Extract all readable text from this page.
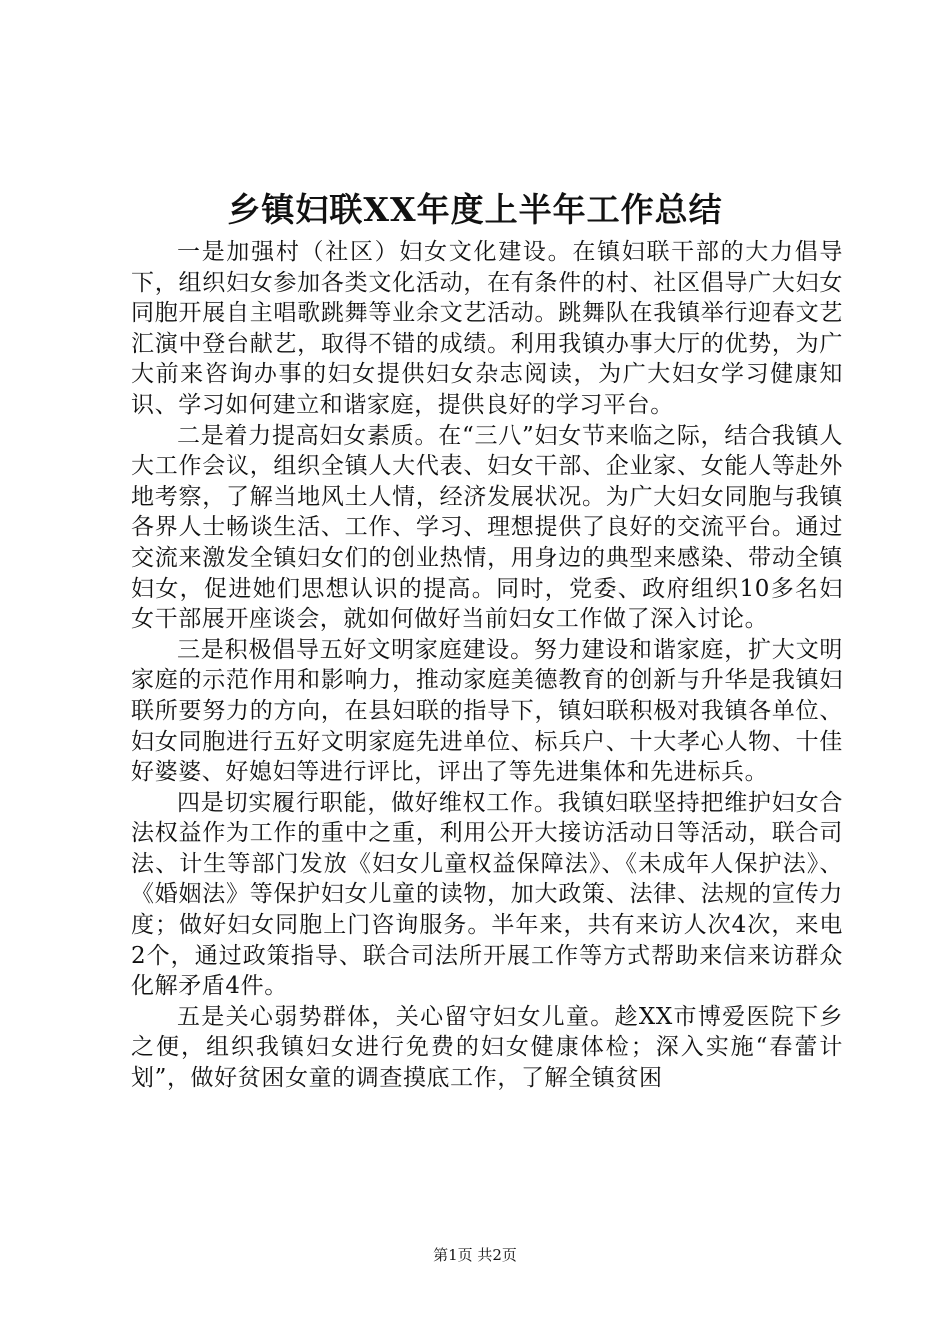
乡镇妇联XX年度上半年工作总结

一是加强村（社区）妇女文化建设。在镇妇联干部的大力倡导下，组织妇女参加各类文化活动，在有条件的村、社区倡导广大妇女同胞开展自主唱歌跳舞等业余文艺活动。跳舞队在我镇举行迎春文艺汇演中登台献艺，取得不错的成绩。利用我镇办事大厅的优势，为广大前来咨询办事的妇女提供妇女杂志阅读，为广大妇女学习健康知识、学习如何建立和谐家庭，提供良好的学习平台。

二是着力提高妇女素质。在“三八”妇女节来临之际，结合我镇人大工作会议，组织全镇人大代表、妇女干部、企业家、女能人等赴外地考察，了解当地风土人情，经济发展状况。为广大妇女同胞与我镇各界人士畅谈生活、工作、学习、理想提供了良好的交流平台。通过交流来激发全镇妇女们的创业热情，用身边的典型来感染、带动全镇妇女，促进她们思想认识的提高。同时，党委、政府组织10多名妇女干部展开座谈会，就如何做好当前妇女工作做了深入讨论。

三是积极倡导五好文明家庭建设。努力建设和谐家庭，扩大文明家庭的示范作用和影响力，推动家庭美德教育的创新与升华是我镇妇联所要努力的方向，在县妇联的指导下，镇妇联积极对我镇各单位、妇女同胞进行五好文明家庭先进单位、标兵户、十大孝心人物、十佳好婆婆、好媳妇等进行评比，评出了等先进集体和先进标兵。

四是切实履行职能，做好维权工作。我镇妇联坚持把维护妇女合法权益作为工作的重中之重，利用公开大接访活动日等活动，联合司法、计生等部门发放《妇女儿童权益保障法》、《未成年人保护法》、《婚姻法》等保护妇女儿童的读物，加大政策、法律、法规的宣传力度；做好妇女同胞上门咨询服务。半年来，共有来访人次4次，来电2个，通过政策指导、联合司法所开展工作等方式帮助来信来访群众化解矛盾4件。

五是关心弱势群体，关心留守妇女儿童。趁XX市博爱医院下乡之便，组织我镇妇女进行免费的妇女健康体检；深入实施“春蕾计划”，做好贫困女童的调查摸底工作，了解全镇贫困

第1页 共2页
